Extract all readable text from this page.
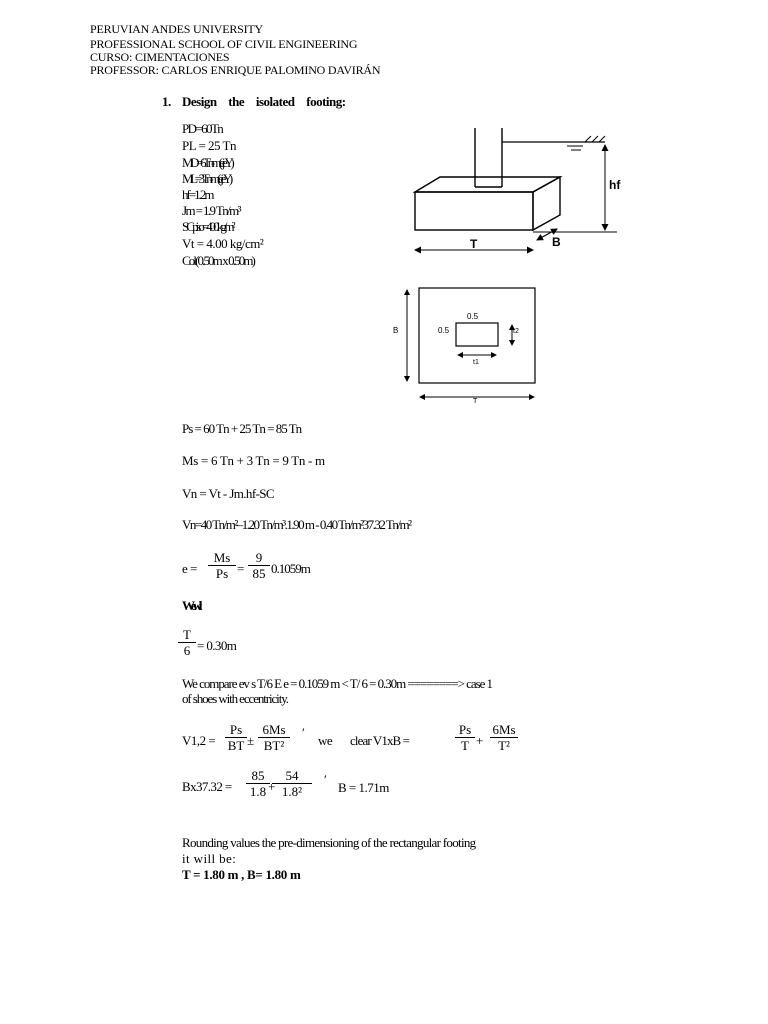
PERUVIAN ANDES UNIVERSITY
PROFESSIONAL SCHOOL OF CIVIL ENGINEERING
CURSO: CIMENTACIONES
PROFESSOR: CARLOS ENRIQUE PALOMINO DAVIRÁN
1. Design the isolated footing:
PD=60Tn
PL = 25 Tn
MD=6Tn-m(ejeY)
ML=3Tn-m(ejeY)
hf=1.2m
Jm = 1.9 Tn/m³
SC piso=400 kg/m²
Vt = 4.00 kg/cm²
Col(0.50m x 0.50m)
hf
T	B
B
0.5
0.5	t2
t1
T
Ps = 60 Tn + 25 Tn = 85 Tn
Ms = 6 Tn + 3 Tn = 9 Tn - m
Vn = Vt - Jm.hf-SC
Vn=40 Tn/m²–1.20 Tn/m³.1.90 m - 0.40 Tn/m²37.32 Tn/m²
e =
Ms
Ps =
9
85 0.1059m
We will
T
6 = 0.30m
We compare ev s T/6 E e = 0.1059 m < T/ 6 = 0.30m ========> case 1
of shoes with eccentricity.
V1,2 =
Ps
BT ±
6Ms
BT²
′
we clear V1xB =
Ps
T +
6Ms
T²
Bx37.32 =
85
1.8 +
54
1.8²
′
B = 1.71m
Rounding values the pre-dimensioning of the rectangular footing
it will be:
T = 1.80 m , B= 1.80 m
